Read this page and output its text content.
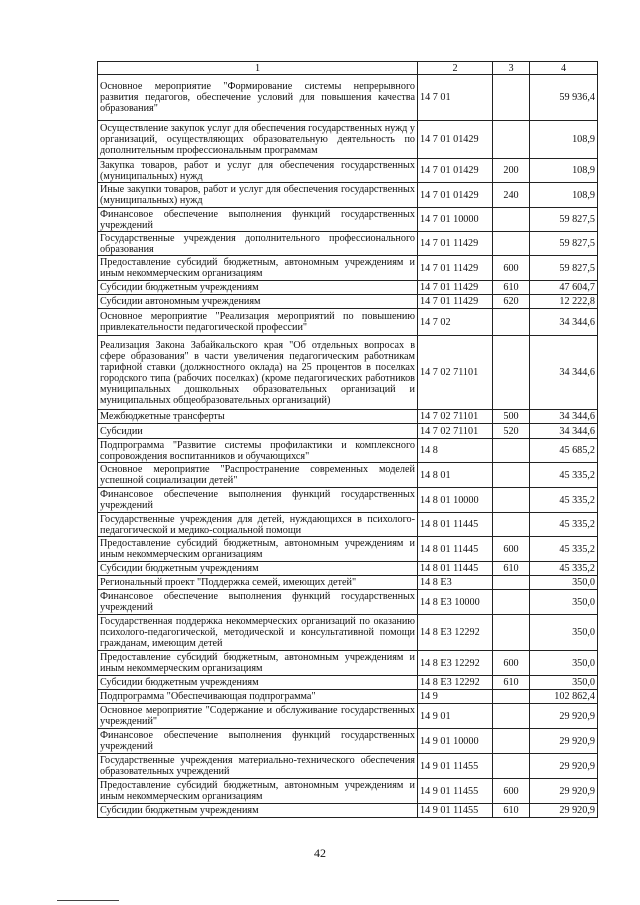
1	2	3	4
Основное мероприятие "Формирование системы непрерывного развития педагогов, обеспечение условий для повышения качества образования"	14 7 01		59 936,4
Осуществление закупок услуг для обеспечения государственных нужд у организаций, осуществляющих образовательную деятельность по дополнительным профессиональным программам	14 7 01 01429		108,9
Закупка товаров, работ и услуг для обеспечения государственных (муниципальных) нужд	14 7 01 01429	200	108,9
Иные закупки товаров, работ и услуг для обеспечения государственных (муниципальных) нужд	14 7 01 01429	240	108,9
Финансовое обеспечение выполнения функций государственных учреждений	14 7 01 10000		59 827,5
Государственные учреждения дополнительного профессионального образования	14 7 01 11429		59 827,5
Предоставление субсидий бюджетным, автономным учреждениям и иным некоммерческим организациям	14 7 01 11429	600	59 827,5
Субсидии бюджетным учреждениям	14 7 01 11429	610	47 604,7
Субсидии автономным учреждениям	14 7 01 11429	620	12 222,8
Основное мероприятие "Реализация мероприятий по повышению привлекательности педагогической профессии"	14 7 02		34 344,6
Реализация Закона Забайкальского края "Об отдельных вопросах в сфере образования" в части увеличения педагогическим работникам тарифной ставки (должностного оклада) на 25 процентов в поселках городского типа (рабочих поселках) (кроме педагогических работников муниципальных дошкольных образовательных организаций и муниципальных общеобразовательных организаций)	14 7 02 71101		34 344,6
Межбюджетные трансферты	14 7 02 71101	500	34 344,6
Субсидии	14 7 02 71101	520	34 344,6
Подпрограмма "Развитие системы профилактики и комплексного сопровождения воспитанников и обучающихся"	14 8		45 685,2
Основное мероприятие "Распространение современных моделей успешной социализации детей"	14 8 01		45 335,2
Финансовое обеспечение выполнения функций государственных учреждений	14 8 01 10000		45 335,2
Государственные учреждения для детей, нуждающихся в психолого-педагогической и медико-социальной помощи	14 8 01 11445		45 335,2
Предоставление субсидий бюджетным, автономным учреждениям и иным некоммерческим организациям	14 8 01 11445	600	45 335,2
Субсидии бюджетным учреждениям	14 8 01 11445	610	45 335,2
Региональный проект "Поддержка семей, имеющих детей"	14 8 E3		350,0
Финансовое обеспечение выполнения функций государственных учреждений	14 8 E3 10000		350,0
Государственная поддержка некоммерческих организаций по оказанию психолого-педагогической, методической и консультативной помощи гражданам, имеющим детей	14 8 E3 12292		350,0
Предоставление субсидий бюджетным, автономным учреждениям и иным некоммерческим организациям	14 8 E3 12292	600	350,0
Субсидии бюджетным учреждениям	14 8 E3 12292	610	350,0
Подпрограмма "Обеспечивающая подпрограмма"	14 9		102 862,4
Основное мероприятие "Содержание и обслуживание государственных учреждений"	14 9 01		29 920,9
Финансовое обеспечение выполнения функций государственных учреждений	14 9 01 10000		29 920,9
Государственные учреждения материально-технического обеспечения образовательных учреждений	14 9 01 11455		29 920,9
Предоставление субсидий бюджетным, автономным учреждениям и иным некоммерческим организациям	14 9 01 11455	600	29 920,9
Субсидии бюджетным учреждениям	14 9 01 11455	610	29 920,9
42
